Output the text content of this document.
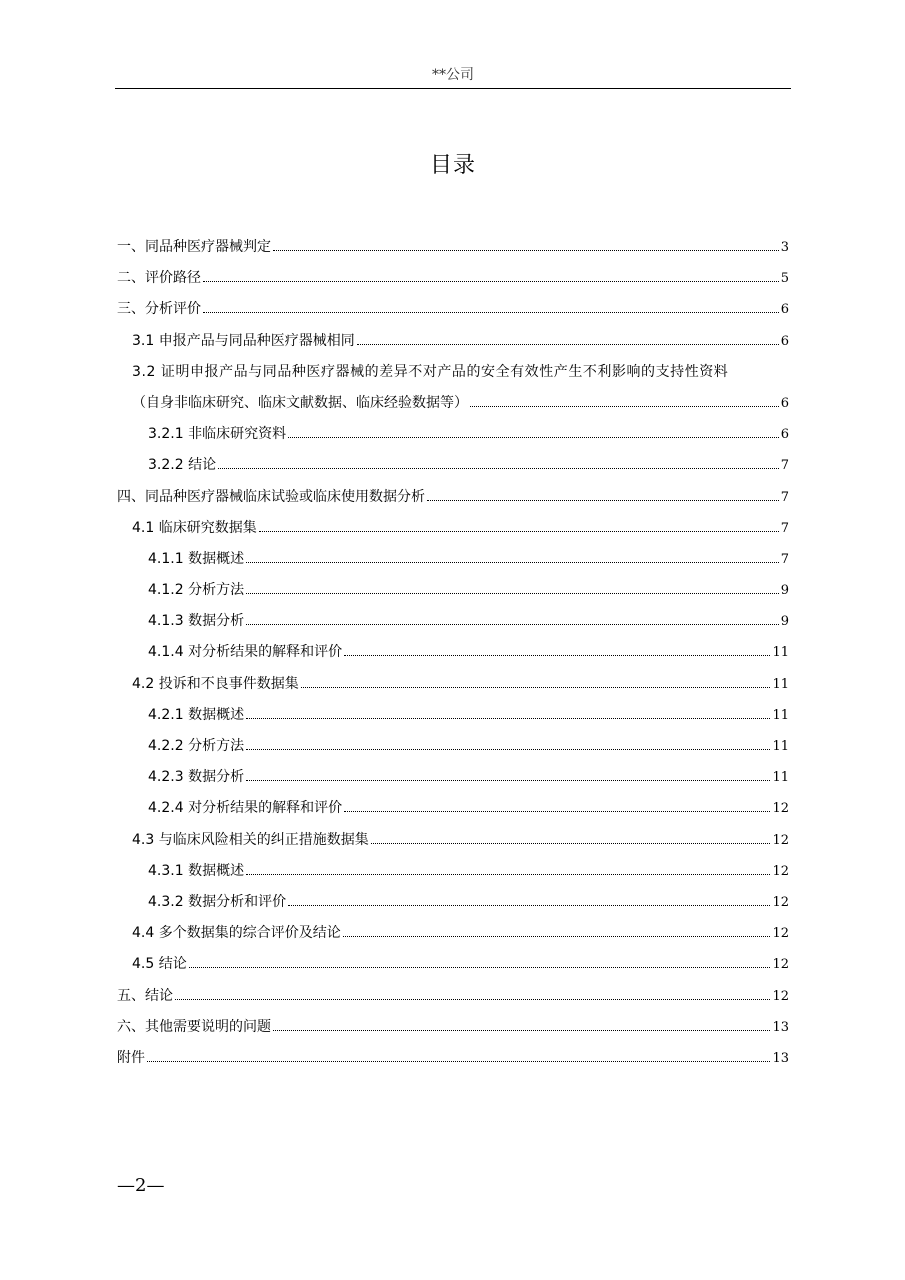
**公司
目录
一、同品种医疗器械判定	3
二、评价路径	5
三、分析评价	6
3.1 申报产品与同品种医疗器械相同	6
3.2 证明申报产品与同品种医疗器械的差异不对产品的安全有效性产生不利影响的支持性资料
（自身非临床研究、临床文献数据、临床经验数据等）	6
3.2.1 非临床研究资料	6
3.2.2 结论	7
四、同品种医疗器械临床试验或临床使用数据分析	7
4.1 临床研究数据集	7
4.1.1 数据概述	7
4.1.2 分析方法	9
4.1.3 数据分析	9
4.1.4 对分析结果的解释和评价	11
4.2 投诉和不良事件数据集	11
4.2.1 数据概述	11
4.2.2 分析方法	11
4.2.3 数据分析	11
4.2.4 对分析结果的解释和评价	12
4.3 与临床风险相关的纠正措施数据集	12
4.3.1 数据概述	12
4.3.2 数据分析和评价	12
4.4 多个数据集的综合评价及结论	12
4.5 结论	12
五、结论	12
六、其他需要说明的问题	13
附件	13
—2—
